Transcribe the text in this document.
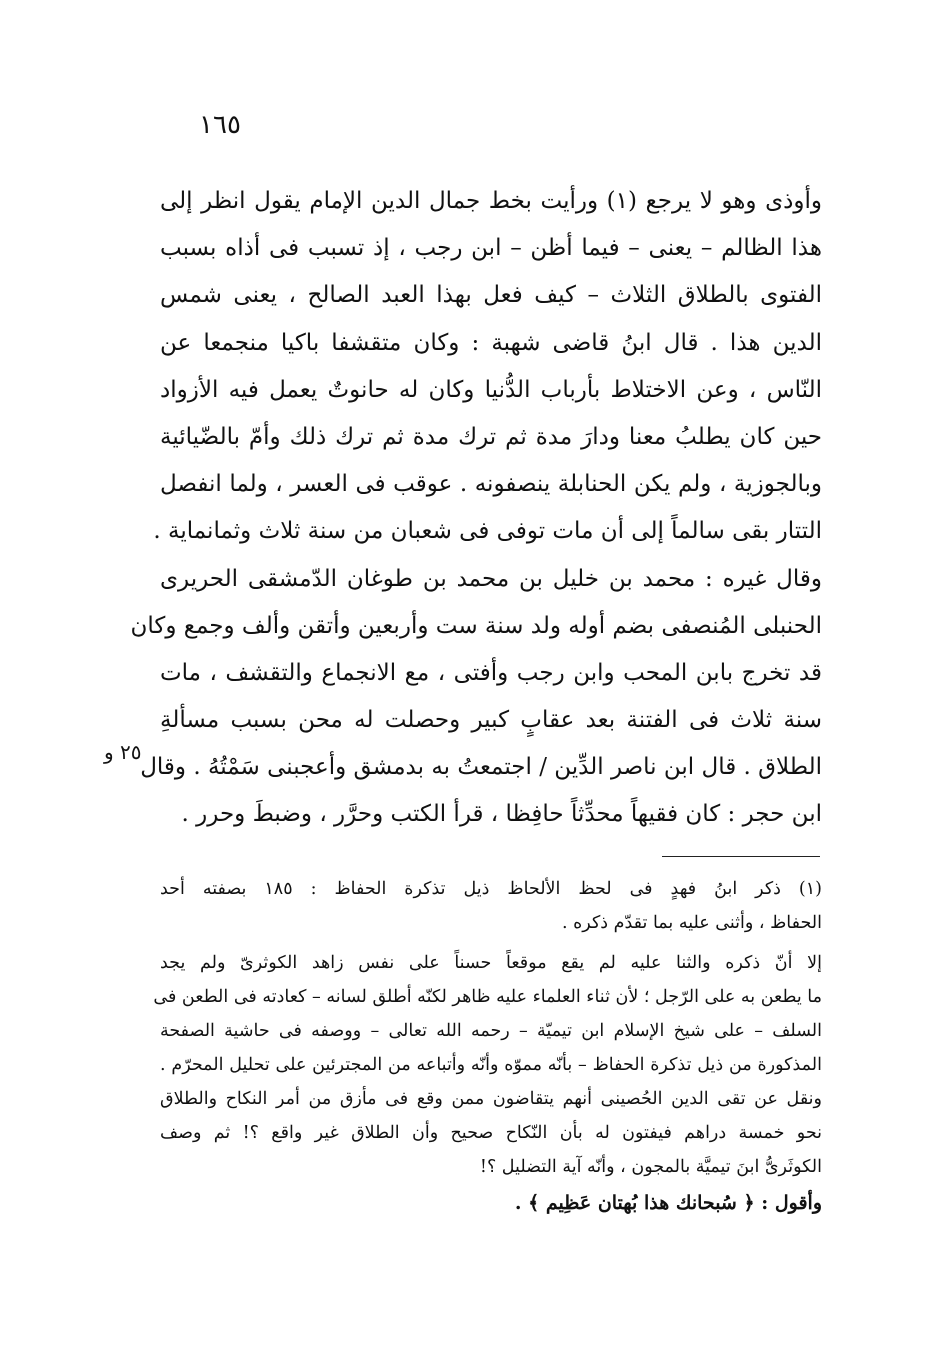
١٦٥
وأوذى وهو لا يرجع (١) ورأيت بخط جمال الدين الإمام يقول انظر إلى
هذا الظالم – يعنى – فيما أظن – ابن رجب ، إذ تسبب فى أذاه بسبب
الفتوى بالطلاق الثلاث – كيف فعل بهذا العبد الصالح ، يعنى شمس
الدين هذا . قال ابنُ قاضى شهبة : وكان متقشفا باكيا منجمعا عن
النّاس ، وعن الاختلاط بأرباب الدُّنيا وكان له حانوتٌ يعمل فيه الأزواد
حين كان يطلبُ معنا ودارَ مدة ثم ترك مدة ثم ترك ذلك وأمّ بالضّيائية
وبالجوزية ، ولم يكن الحنابلة ينصفونه . عوقب فى العسر ، ولما انفصل
التتار بقى سالماً إلى أن مات توفى فى شعبان من سنة ثلاث وثمانماية .
وقال غيره : محمد بن خليل بن محمد بن طوغان الدّمشقى الحريرى
الحنبلى المُنصفى بضم أوله ولد سنة ست وأربعين وأتقن وألف وجمع وكان
قد تخرج بابن المحب وابن رجب وأفتى ، مع الانجماع والتقشف ، مات
سنة ثلاث فى الفتنة بعد عقابٍ كبير وحصلت له محن بسبب مسألةِ
الطلاق . قال ابن ناصر الدِّين / اجتمعتُ به بدمشق وأعجبنى سَمْتُهُ . وقال
ابن حجر : كان فقيهاً محدِّثاً حافِظا ، قرأ الكتب وحرَّر ، وضبطَ وحرر .
٢٥ و
(١) ذكر ابنُ فهدٍ فى لحظ الألحاظ ذيل تذكرة الحفاظ : ١٨٥ بصفته أحد
الحفاظ ، وأثنى عليه بما تقدّم ذكره .
إلا أنّ ذكره والثنا عليه لم يقع موقعاً حسناً على نفس زاهد الكوثرىّ ولم يجد
ما يطعن به على الرّجل ؛ لأن ثناء العلماء عليه ظاهر لكنّه أطلق لسانه – كعادته فى الطعن فى
السلف – على شيخ الإسلام ابن تيميّة – رحمه الله تعالى – ووصفه فى حاشية الصفحة
المذكورة من ذيل تذكرة الحفاظ – بأنّه مموّه وأنّه وأتباعه من المجترئين على تحليل المحرّم .
ونقل عن تقى الدين الحُصينى أنهم يتقاضون ممن وقع فى مأزق من أمر النكاح والطلاق
نحو خمسة دراهم فيفتون له بأن النّكاح صحيح وأن الطلاق غير واقع ؟! ثم وصف
الكوثَرىُّ ابنَ تيميَّة بالمجون ، وأنّه آية التضليل ؟!
وأقول : ﴿ سُبحانك هذا بُهتان عَظِيم ﴾ .
